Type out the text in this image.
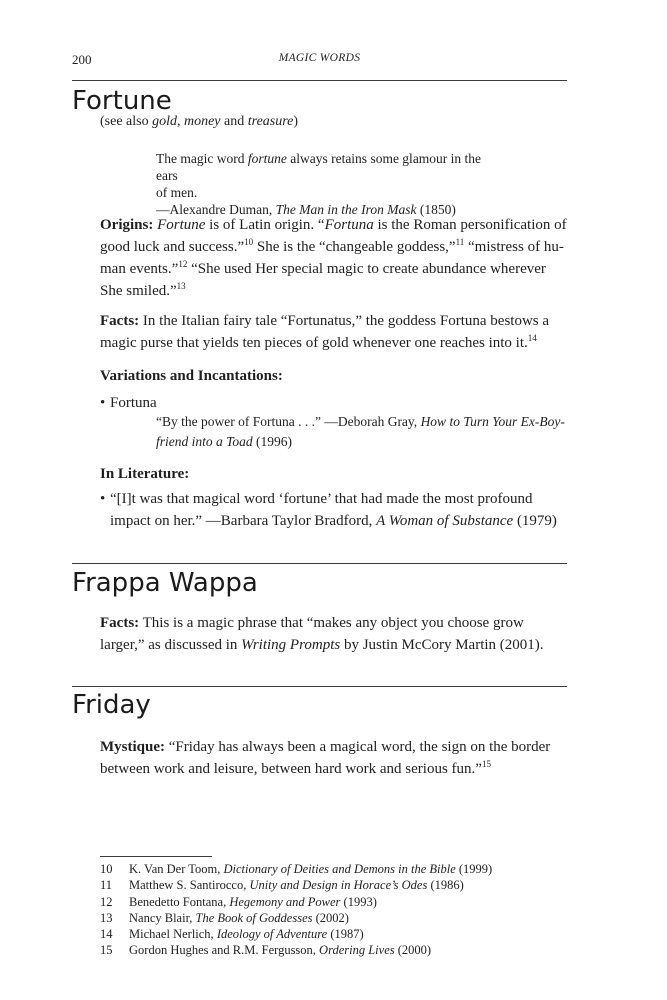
200	MAGIC WORDS
Fortune
(see also gold, money and treasure)
The magic word fortune always retains some glamour in the ears
of men.
—Alexandre Duman, The Man in the Iron Mask (1850)
Origins: Fortune is of Latin origin. “Fortuna is the Roman personification of
good luck and success.”$^{10}$ She is the “changeable goddess,”$^{11}$ “mistress of hu-
man events.”$^{12}$ “She used Her special magic to create abundance wherever
She smiled.”$^{13}$
Facts: In the Italian fairy tale “Fortunatus,” the goddess Fortuna bestows a
magic purse that yields ten pieces of gold whenever one reaches into it.$^{14}$
Variations and Incantations:
• Fortuna
“By the power of Fortuna . . .” —Deborah Gray, How to Turn Your Ex-Boy-
friend into a Toad (1996)
In Literature:
• “[I]t was that magical word ‘fortune’ that had made the most profound
impact on her.” —Barbara Taylor Bradford, A Woman of Substance (1979)
Frappa Wappa
Facts: This is a magic phrase that “makes any object you choose grow
larger,” as discussed in Writing Prompts by Justin McCory Martin (2001).
Friday
Mystique: “Friday has always been a magical word, the sign on the border
between work and leisure, between hard work and serious fun.”$^{15}$
10 K. Van Der Toom, Dictionary of Deities and Demons in the Bible (1999)
11 Matthew S. Santirocco, Unity and Design in Horace’s Odes (1986)
12 Benedetto Fontana, Hegemony and Power (1993)
13 Nancy Blair, The Book of Goddesses (2002)
14 Michael Nerlich, Ideology of Adventure (1987)
15 Gordon Hughes and R.M. Fergusson, Ordering Lives (2000)
